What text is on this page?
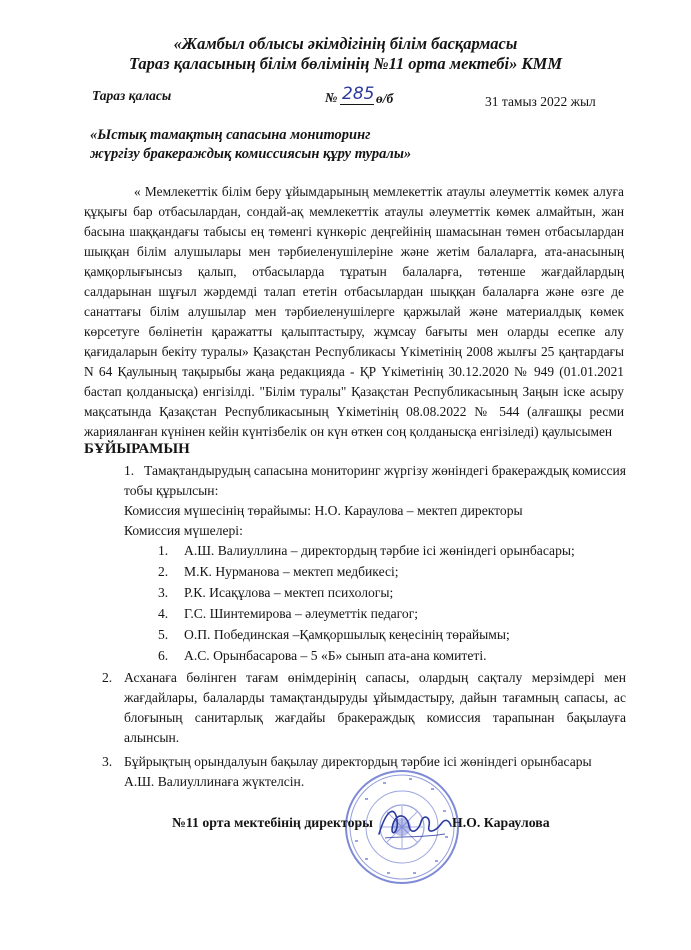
«Жамбыл облысы әкімдігінің білім басқармасы
Тараз қаласының білім бөлімінің №11 орта мектебі» КММ
Тараз қаласы	№ 285 ө/б	31 тамыз 2022 жыл
«Ыстық тамақтың сапасына мониторинг
жүргізу бракераждық комиссиясын құру туралы»
« Мемлекеттік білім беру ұйымдарының мемлекеттік атаулы әлеуметтік көмек алуға
құқығы бар отбасылардан, сондай-ақ мемлекеттік атаулы әлеуметтік көмек алмайтын, жан
басына шаққандағы табысы ең төменгі күнкөріс деңгейінің шамасынан төмен отбасылардан
шыққан білім алушылары мен тәрбиеленушілеріне және жетім балаларға, ата-анасының
қамқорлығынсыз қалып, отбасыларда тұратын балаларға, төтенше жағдайлардың
салдарынан шұғыл жәрдемді талап ететін отбасылардан шыққан балаларға және өзге де
санаттағы білім алушылар мен тәрбиеленушілерге қаржылай және материалдық көмек
көрсетуге бөлінетін қаражатты қалыптастыру, жұмсау бағыты мен оларды есепке алу
қағидаларын бекіту туралы» Қазақстан Республикасы Үкіметінің 2008 жылғы 25 қаңтардағы
N 64 Қаулының тақырыбы жаңа редакцияда - ҚР Үкіметінің 30.12.2020 № 949 (01.01.2021
бастап қолданысқа) енгізілді. "Білім туралы" Қазақстан Республикасының Заңын іске асыру
мақсатында Қазақстан Республикасының Үкіметінің 08.08.2022 № 544 (алғашқы ресми
жарияланған күнінен кейін күнтізбелік он күн өткен соң қолданысқа енгізіледі) қаулысымен
БҰЙЫРАМЫН
1. Тамақтандырудың сапасына мониторинг жүргізу жөніндегі бракераждық комиссия
тобы құрылсын:
Комиссия мүшесінің төрайымы: Н.О. Караулова – мектеп директоры
Комиссия мүшелері:
1. А.Ш. Валиуллина – директордың тәрбие ісі жөніндегі орынбасары;
2. М.К. Нурманова – мектеп медбикесі;
3. Р.К. Исақұлова – мектеп психологы;
4. Г.С. Шинтемирова – әлеуметтік педагог;
5. О.П. Побединская –Қамқоршылық кеңесінің төрайымы;
6. А.С. Орынбасарова – 5 «Б» сынып ата-ана комитеті.
2. Асханаға бөлінген тағам өнімдерінің сапасы, олардың сақталу мерзімдері мен
жағдайлары, балаларды тамақтандыруды ұйымдастыру, дайын тағамның сапасы, ас
блоғының санитарлық жағдайы бракераждық комиссия тарапынан бақылауға
алынсын.
3. Бұйрықтың орындалуын бақылау директордың тәрбие ісі жөніндегі орынбасары
А.Ш. Валиуллинаға жүктелсін.
№11 орта мектебінің директоры	Н.О. Караулова
